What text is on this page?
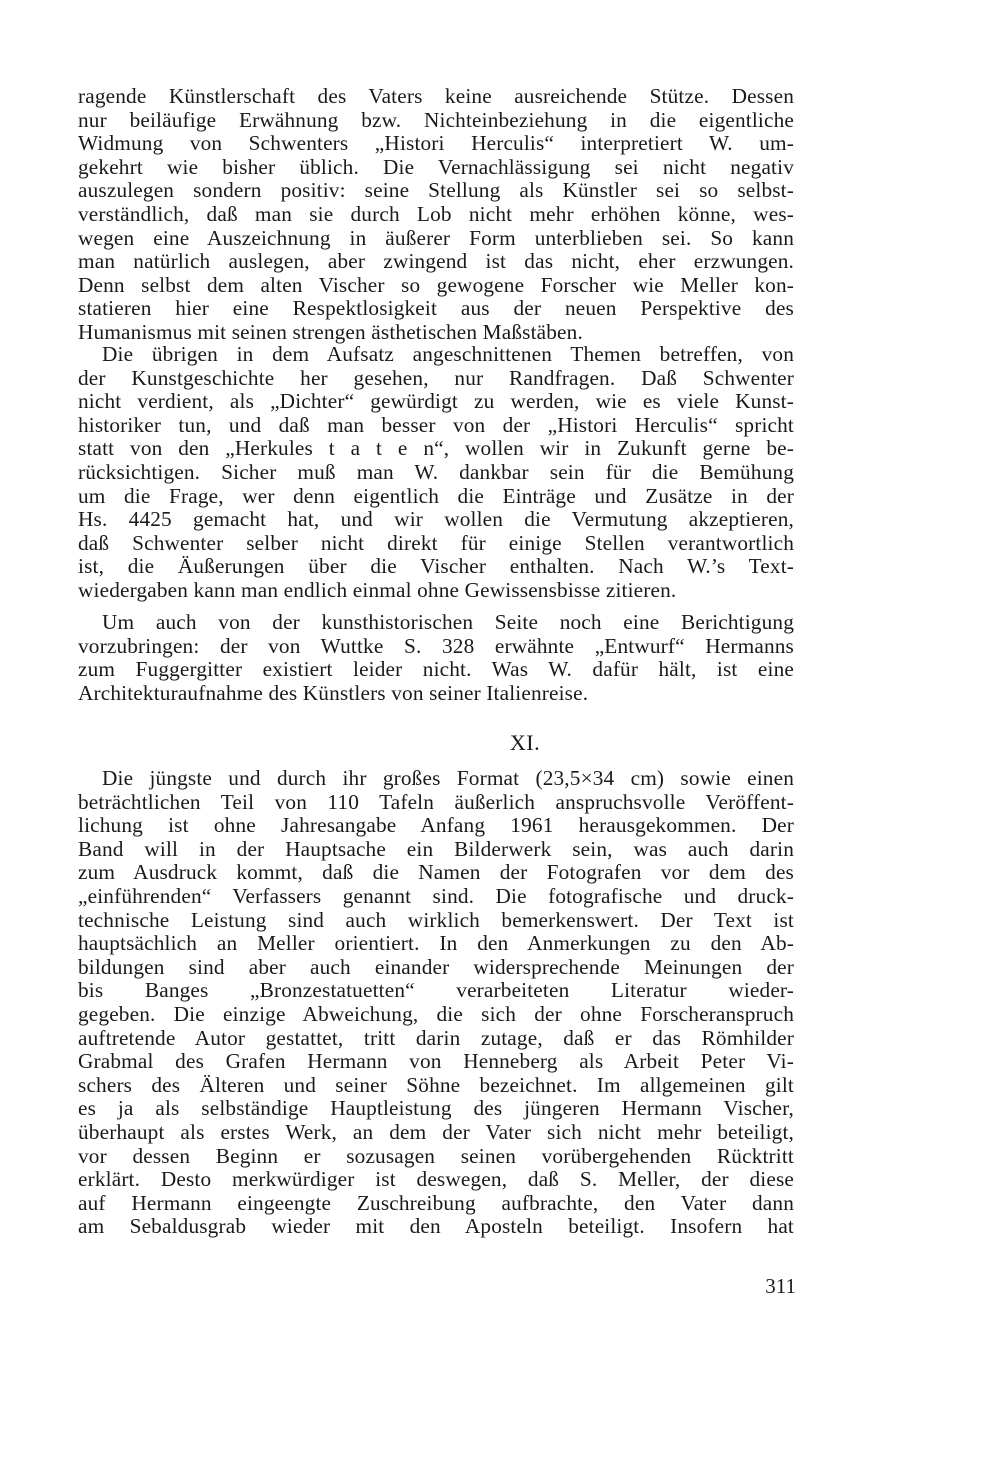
ragende Künstlerschaft des Vaters keine ausreichende Stütze. Dessen
nur beiläufige Erwähnung bzw. Nichteinbeziehung in die eigentliche
Widmung von Schwenters „Histori Herculis“ interpretiert W. um-
gekehrt wie bisher üblich. Die Vernachlässigung sei nicht negativ
auszulegen sondern positiv: seine Stellung als Künstler sei so selbst-
verständlich, daß man sie durch Lob nicht mehr erhöhen könne, wes-
wegen eine Auszeichnung in äußerer Form unterblieben sei. So kann
man natürlich auslegen, aber zwingend ist das nicht, eher erzwungen.
Denn selbst dem alten Vischer so gewogene Forscher wie Meller kon-
statieren hier eine Respektlosigkeit aus der neuen Perspektive des
Humanismus mit seinen strengen ästhetischen Maßstäben.
Die übrigen in dem Aufsatz angeschnittenen Themen betreffen, von
der Kunstgeschichte her gesehen, nur Randfragen. Daß Schwenter
nicht verdient, als „Dichter“ gewürdigt zu werden, wie es viele Kunst-
historiker tun, und daß man besser von der „Histori Herculis“ spricht
statt von den „Herkules t a t e n“, wollen wir in Zukunft gerne be-
rücksichtigen. Sicher muß man W. dankbar sein für die Bemühung
um die Frage, wer denn eigentlich die Einträge und Zusätze in der
Hs. 4425 gemacht hat, und wir wollen die Vermutung akzeptieren,
daß Schwenter selber nicht direkt für einige Stellen verantwortlich
ist, die Äußerungen über die Vischer enthalten. Nach W.’s Text-
wiedergaben kann man endlich einmal ohne Gewissensbisse zitieren.
Um auch von der kunsthistorischen Seite noch eine Berichtigung
vorzubringen: der von Wuttke S. 328 erwähnte „Entwurf“ Hermanns
zum Fuggergitter existiert leider nicht. Was W. dafür hält, ist eine
Architekturaufnahme des Künstlers von seiner Italienreise.
XI.
Die jüngste und durch ihr großes Format (23,5×34 cm) sowie einen
beträchtlichen Teil von 110 Tafeln äußerlich anspruchsvolle Veröffent-
lichung ist ohne Jahresangabe Anfang 1961 herausgekommen. Der
Band will in der Hauptsache ein Bilderwerk sein, was auch darin
zum Ausdruck kommt, daß die Namen der Fotografen vor dem des
„einführenden“ Verfassers genannt sind. Die fotografische und druck-
technische Leistung sind auch wirklich bemerkenswert. Der Text ist
hauptsächlich an Meller orientiert. In den Anmerkungen zu den Ab-
bildungen sind aber auch einander widersprechende Meinungen der
bis Banges „Bronzestatuetten“ verarbeiteten Literatur wieder-
gegeben. Die einzige Abweichung, die sich der ohne Forscheranspruch
auftretende Autor gestattet, tritt darin zutage, daß er das Römhilder
Grabmal des Grafen Hermann von Henneberg als Arbeit Peter Vi-
schers des Älteren und seiner Söhne bezeichnet. Im allgemeinen gilt
es ja als selbständige Hauptleistung des jüngeren Hermann Vischer,
überhaupt als erstes Werk, an dem der Vater sich nicht mehr beteiligt,
vor dessen Beginn er sozusagen seinen vorübergehenden Rücktritt
erklärt. Desto merkwürdiger ist deswegen, daß S. Meller, der diese
auf Hermann eingeengte Zuschreibung aufbrachte, den Vater dann
am Sebaldusgrab wieder mit den Aposteln beteiligt. Insofern hat
311
